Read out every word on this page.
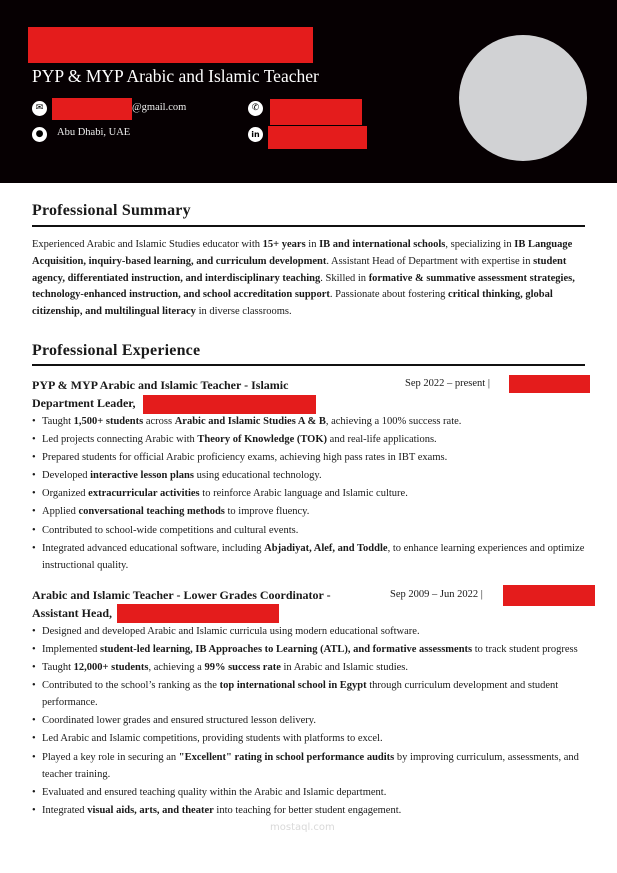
PYP & MYP Arabic and Islamic Teacher
✉	@gmail.com
●	Abu Dhabi, UAE
✆
in
Professional Summary
Experienced Arabic and Islamic Studies educator with 15+ years in IB and international schools, specializing in IB Language Acquisition, inquiry-based learning, and curriculum development. Assistant Head of Department with expertise in student agency, differentiated instruction, and interdisciplinary teaching. Skilled in formative & summative assessment strategies, technology-enhanced instruction, and school accreditation support. Passionate about fostering critical thinking, global citizenship, and multilingual literacy in diverse classrooms.
Professional Experience
PYP & MYP Arabic and Islamic Teacher - Islamic Department Leader,
Sep 2022 – present |
• Taught 1,500+ students across Arabic and Islamic Studies A & B, achieving a 100% success rate.
• Led projects connecting Arabic with Theory of Knowledge (TOK) and real-life applications.
• Prepared students for official Arabic proficiency exams, achieving high pass rates in IBT exams.
• Developed interactive lesson plans using educational technology.
• Organized extracurricular activities to reinforce Arabic language and Islamic culture.
• Applied conversational teaching methods to improve fluency.
• Contributed to school-wide competitions and cultural events.
• Integrated advanced educational software, including Abjadiyat, Alef, and Toddle, to enhance learning experiences and optimize instructional quality.
Arabic and Islamic Teacher - Lower Grades Coordinator - Assistant Head,
Sep 2009 – Jun 2022 |
• Designed and developed Arabic and Islamic curricula using modern educational software.
• Implemented student-led learning, IB Approaches to Learning (ATL), and formative assessments to track student progress
• Taught 12,000+ students, achieving a 99% success rate in Arabic and Islamic studies.
• Contributed to the school’s ranking as the top international school in Egypt through curriculum development and student performance.
• Coordinated lower grades and ensured structured lesson delivery.
• Led Arabic and Islamic competitions, providing students with platforms to excel.
• Played a key role in securing an "Excellent" rating in school performance audits by improving curriculum, assessments, and teacher training.
• Evaluated and ensured teaching quality within the Arabic and Islamic department.
• Integrated visual aids, arts, and theater into teaching for better student engagement.
mostaql.com
